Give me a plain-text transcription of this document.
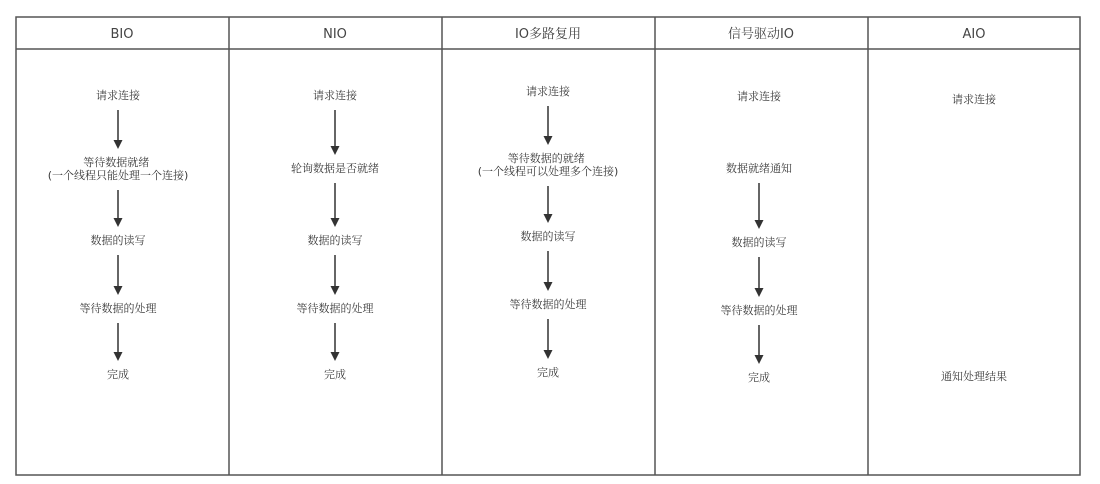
BIO
请求连接
等待数据就绪 (一个线程只能处理一个连接)
数据的读写
等待数据的处理
完成
NIO
请求连接
轮询数据是否就绪
数据的读写
等待数据的处理
完成
IO多路复用
请求连接
等待数据的就绪 (一个线程可以处理多个连接)
数据的读写
等待数据的处理
完成
信号驱动IO
请求连接
数据就绪通知
数据的读写
等待数据的处理
完成
AIO
请求连接
通知处理结果
